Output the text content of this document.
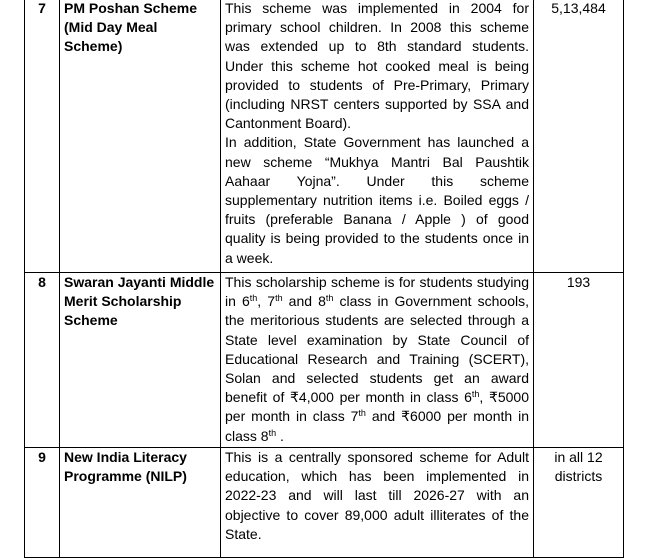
7	PM Poshan Scheme (Mid Day Meal Scheme)	This scheme was implemented in 2004 for primary school children. In 2008 this scheme was extended up to 8th standard students. Under this scheme hot cooked meal is being provided to students of Pre-Primary, Primary (including NRST centers supported by SSA and Cantonment Board).

In addition, State Government has launched a new scheme “Mukhya Mantri Bal Paushtik Aahaar Yojna”. Under this scheme supplementary nutrition items i.e. Boiled eggs / fruits (preferable Banana / Apple ) of good quality is being provided to the students once in a week.	5,13,484
8	Swaran Jayanti Middle Merit Scholarship Scheme	This scholarship scheme is for students studying in 6th, 7th and 8th class in Government schools, the meritorious students are selected through a State level examination by State Council of Educational Research and Training (SCERT), Solan and selected students get an award benefit of ₹4,000 per month in class 6th, ₹5000 per month in class 7th and ₹6000 per month in class 8th .	193
9	New India Literacy Programme (NILP)	This is a centrally sponsored scheme for Adult education, which has been implemented in 2022-23 and will last till 2026-27 with an objective to cover 89,000 adult illiterates of the State.	in all 12 districts
